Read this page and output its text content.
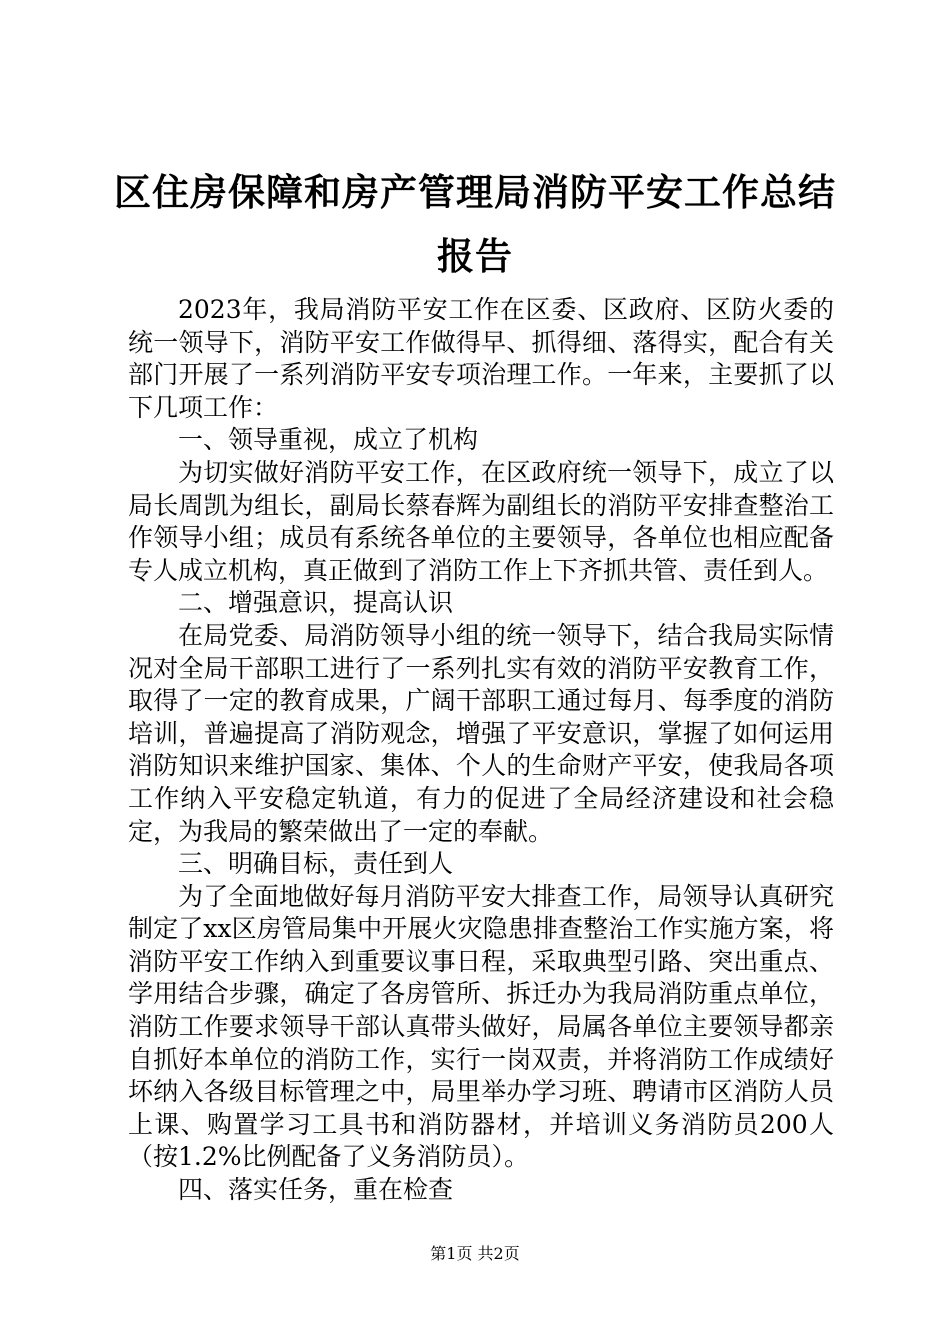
区住房保障和房产管理局消防平安工作总结报告

2023年，我局消防平安工作在区委、区政府、区防火委的统一领导下，消防平安工作做得早、抓得细、落得实，配合有关部门开展了一系列消防平安专项治理工作。一年来，主要抓了以下几项工作：

一、领导重视，成立了机构

为切实做好消防平安工作，在区政府统一领导下，成立了以局长周凯为组长，副局长蔡春辉为副组长的消防平安排查整治工作领导小组；成员有系统各单位的主要领导，各单位也相应配备专人成立机构，真正做到了消防工作上下齐抓共管、责任到人。

二、增强意识，提高认识

在局党委、局消防领导小组的统一领导下，结合我局实际情况对全局干部职工进行了一系列扎实有效的消防平安教育工作，取得了一定的教育成果，广阔干部职工通过每月、每季度的消防培训，普遍提高了消防观念，增强了平安意识，掌握了如何运用消防知识来维护国家、集体、个人的生命财产平安，使我局各项工作纳入平安稳定轨道，有力的促进了全局经济建设和社会稳定，为我局的繁荣做出了一定的奉献。

三、明确目标，责任到人

为了全面地做好每月消防平安大排查工作，局领导认真研究制定了xx区房管局集中开展火灾隐患排查整治工作实施方案，将消防平安工作纳入到重要议事日程，采取典型引路、突出重点、学用结合步骤，确定了各房管所、拆迁办为我局消防重点单位，消防工作要求领导干部认真带头做好，局属各单位主要领导都亲自抓好本单位的消防工作，实行一岗双责，并将消防工作成绩好坏纳入各级目标管理之中，局里举办学习班、聘请市区消防人员上课、购置学习工具书和消防器材，并培训义务消防员200人（按1.2%比例配备了义务消防员）。

四、落实任务，重在检查

第1页 共2页
